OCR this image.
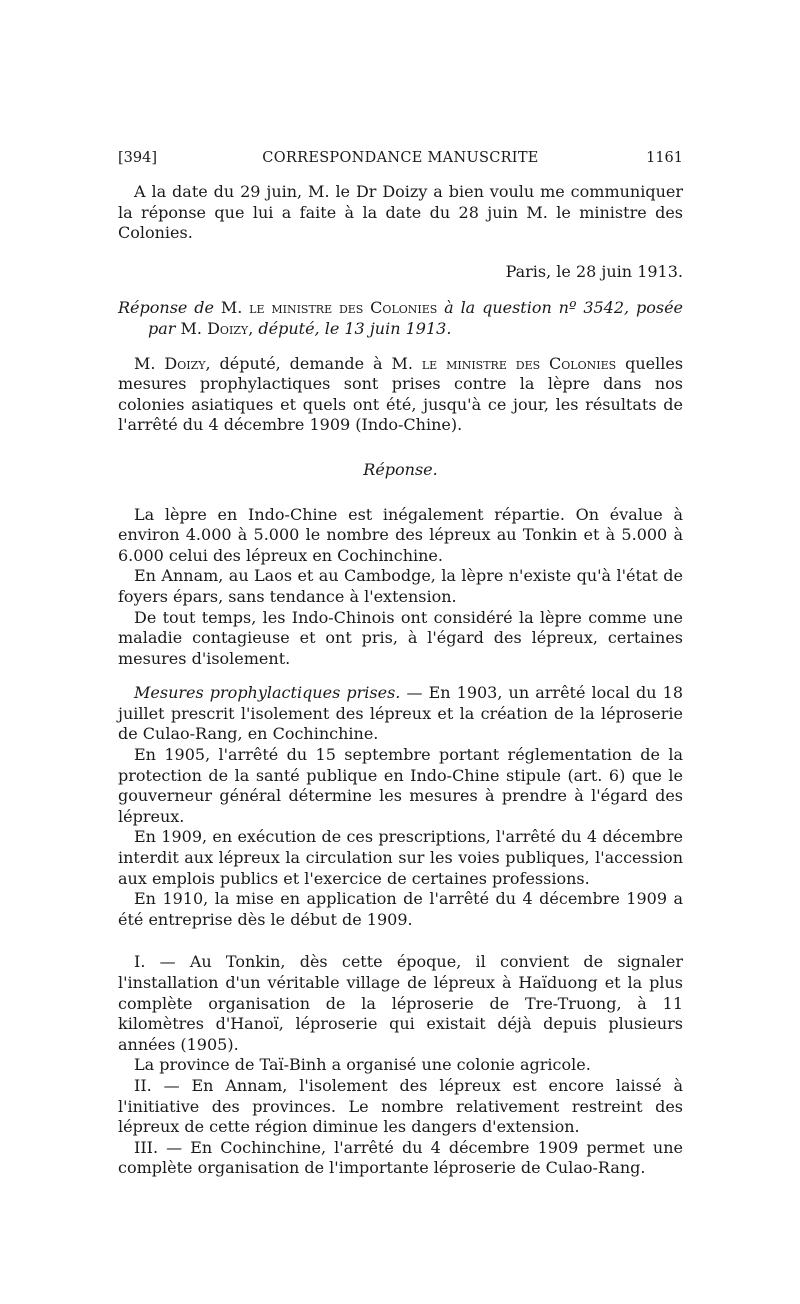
[394]	CORRESPONDANCE MANUSCRITE	1161

A la date du 29 juin, M. le Dr Doizy a bien voulu me communiquer la réponse que lui a faite à la date du 28 juin M. le ministre des Colonies.

Paris, le 28 juin 1913.

Réponse de M. le ministre des Colonies à la question nº 3542, posée par M. Doizy, député, le 13 juin 1913.

M. Doizy, député, demande à M. le ministre des Colonies quelles mesures prophylactiques sont prises contre la lèpre dans nos colonies asiatiques et quels ont été, jusqu'à ce jour, les résultats de l'arrêté du 4 décembre 1909 (Indo-Chine).

Réponse.

La lèpre en Indo-Chine est inégalement répartie. On évalue à environ 4.000 à 5.000 le nombre des lépreux au Tonkin et à 5.000 à 6.000 celui des lépreux en Cochinchine.

En Annam, au Laos et au Cambodge, la lèpre n'existe qu'à l'état de foyers épars, sans tendance à l'extension.

De tout temps, les Indo-Chinois ont considéré la lèpre comme une maladie contagieuse et ont pris, à l'égard des lépreux, certaines mesures d'isolement.

Mesures prophylactiques prises. — En 1903, un arrêté local du 18 juillet prescrit l'isolement des lépreux et la création de la léproserie de Culao-Rang, en Cochinchine.

En 1905, l'arrêté du 15 septembre portant réglementation de la protection de la santé publique en Indo-Chine stipule (art. 6) que le gouverneur général détermine les mesures à prendre à l'égard des lépreux.

En 1909, en exécution de ces prescriptions, l'arrêté du 4 décembre interdit aux lépreux la circulation sur les voies publiques, l'accession aux emplois publics et l'exercice de certaines professions.

En 1910, la mise en application de l'arrêté du 4 décembre 1909 a été entreprise dès le début de 1909.

I. — Au Tonkin, dès cette époque, il convient de signaler l'installation d'un véritable village de lépreux à Haïduong et la plus complète organisation de la léproserie de Tre-Truong, à 11 kilomètres d'Hanoï, léproserie qui existait déjà depuis plusieurs années (1905).

La province de Taï-Binh a organisé une colonie agricole.

II. — En Annam, l'isolement des lépreux est encore laissé à l'initiative des provinces. Le nombre relativement restreint des lépreux de cette région diminue les dangers d'extension.

III. — En Cochinchine, l'arrêté du 4 décembre 1909 permet une complète organisation de l'importante léproserie de Culao-Rang.
